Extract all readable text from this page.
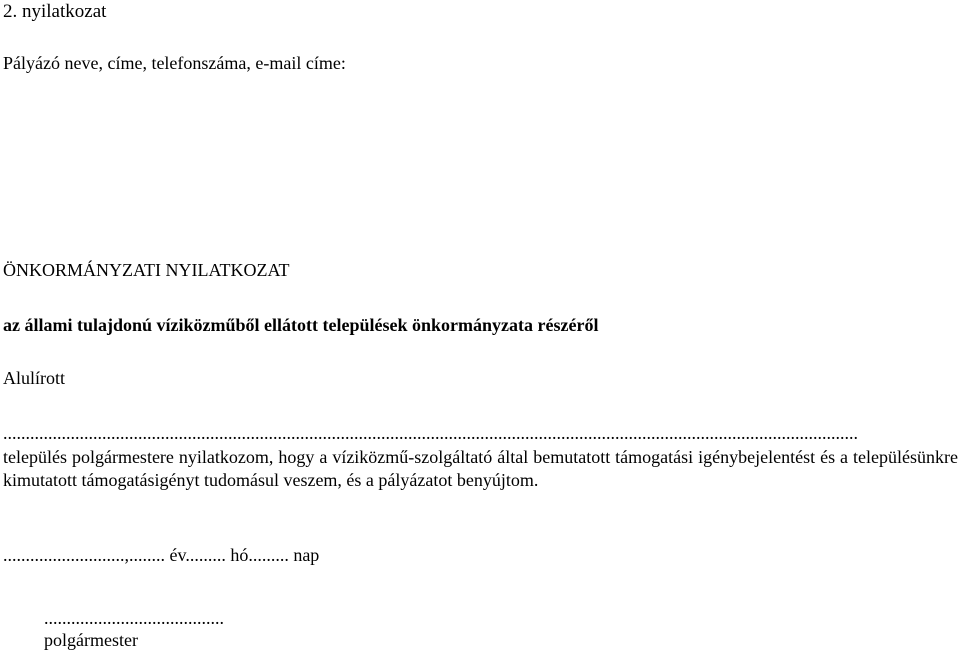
2. nyilatkozat
Pályázó neve, címe, telefonszáma, e-mail címe:
ÖNKORMÁNYZATI NYILATKOZAT
az állami tulajdonú víziközműből ellátott települések önkormányzata részéről
Alulírott
..............................................................................................................................................................................................
település polgármestere nyilatkozom, hogy a víziközmű-szolgáltató által bemutatott támogatási igénybejelentést és a településünkre kimutatott támogatásigényt tudomásul veszem, és a pályázatot benyújtom.
...........................,........ év......... hó......... nap
........................................
polgármester
